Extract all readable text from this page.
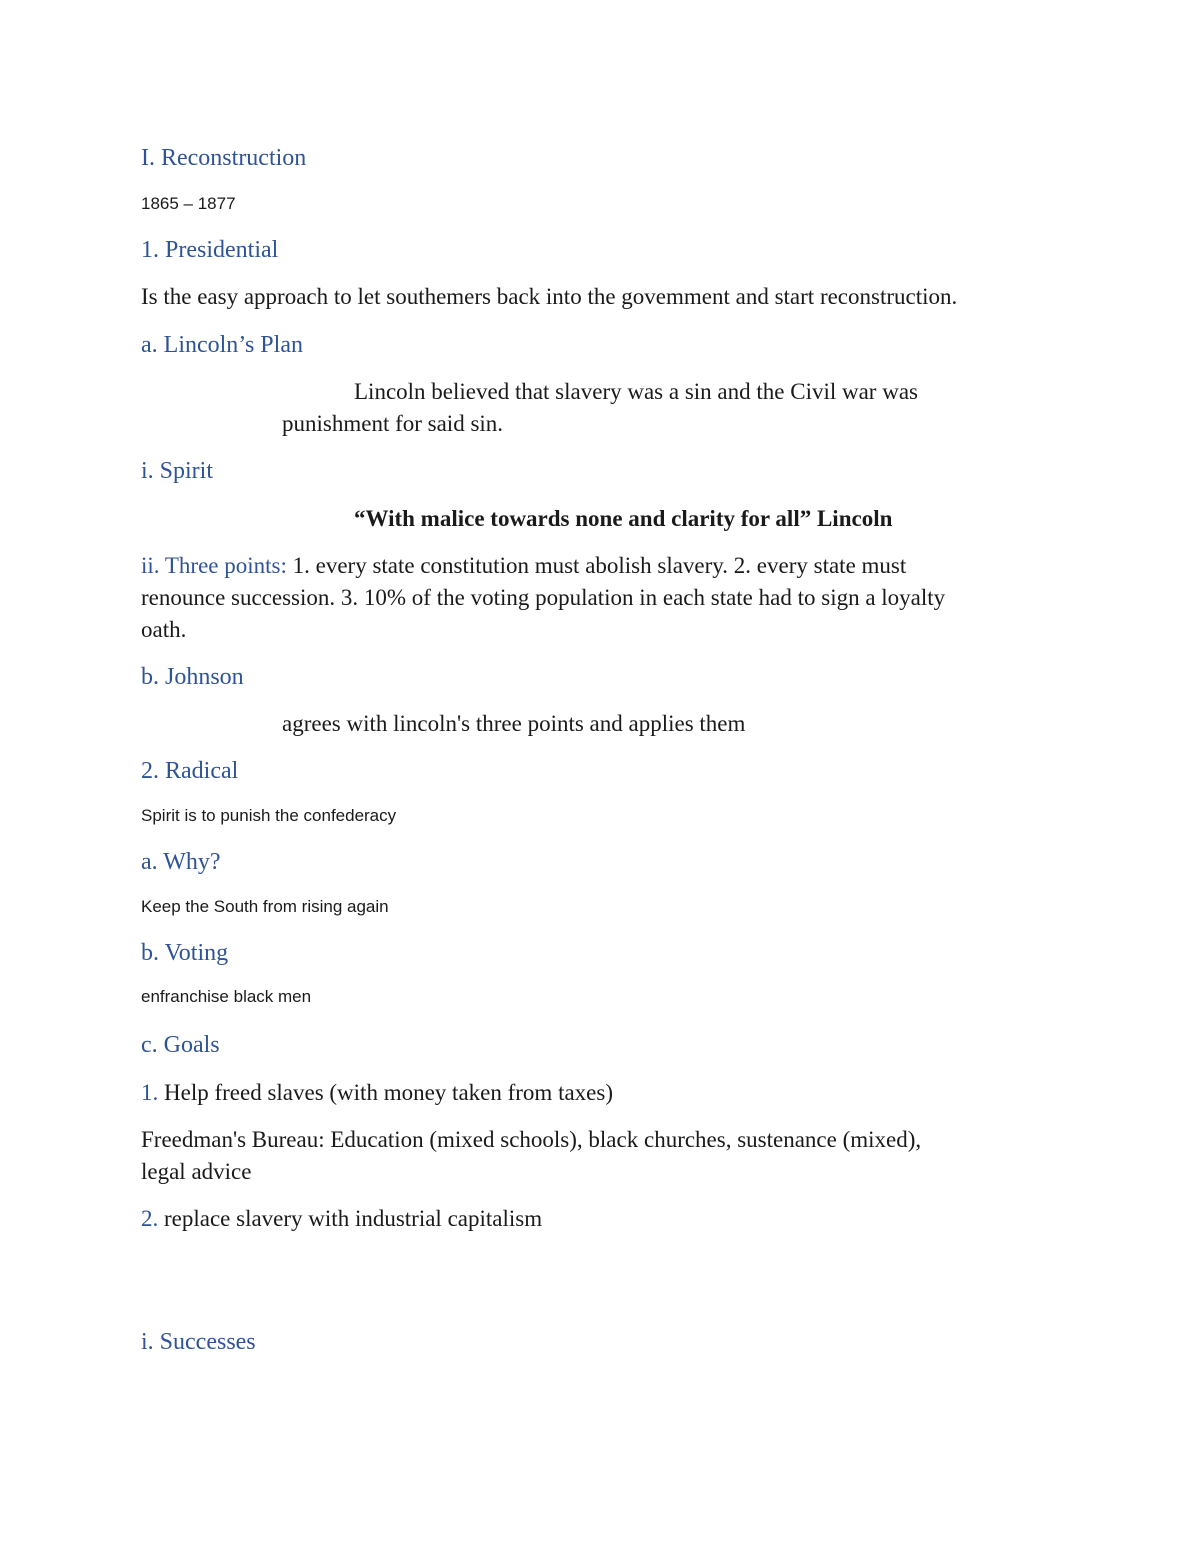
I. Reconstruction
1865 – 1877
1. Presidential
Is the easy approach to let southemers back into the govemment and start reconstruction.
a. Lincoln’s Plan
Lincoln believed that slavery was a sin and the Civil war was
punishment for said sin.
i. Spirit
“With malice towards none and clarity for all” Lincoln
ii. Three points: 1. every state constitution must abolish slavery. 2. every state must
renounce succession. 3. 10% of the voting population in each state had to sign a loyalty
oath.
b. Johnson
agrees with lincoln's three points and applies them
2. Radical
Spirit is to punish the confederacy
a. Why?
Keep the South from rising again
b. Voting
enfranchise black men
c. Goals
1. Help freed slaves (with money taken from taxes)
Freedman's Bureau: Education (mixed schools), black churches, sustenance (mixed),
legal advice
2. replace slavery with industrial capitalism
i. Successes
